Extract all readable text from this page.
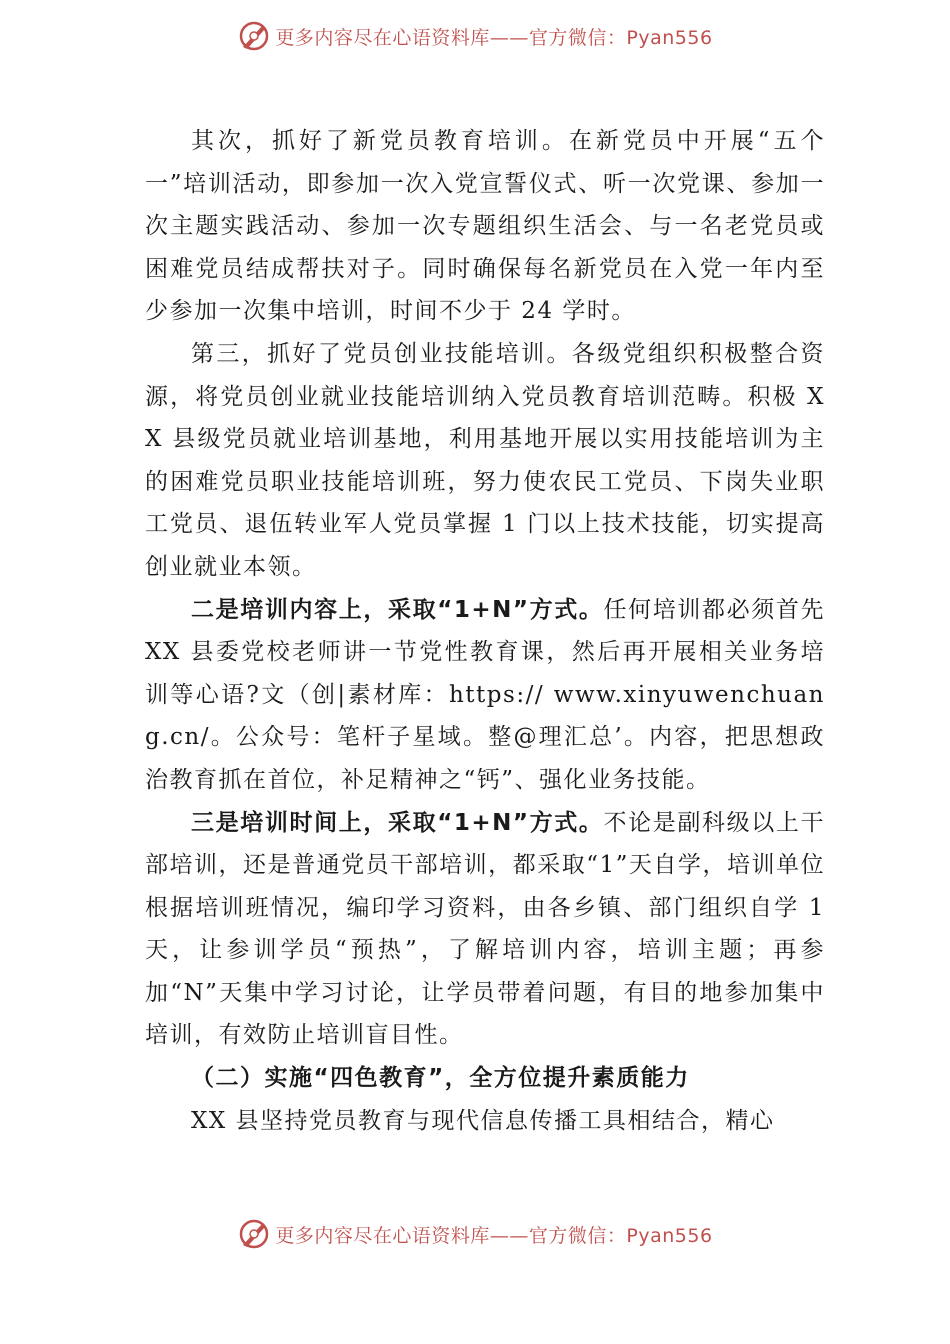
更多内容尽在心语资料库——官方微信：Pyan556

其次，抓好了新党员教育培训。在新党员中开展“五个一”培训活动，即参加一次入党宣誓仪式、听一次党课、参加一次主题实践活动、参加一次专题组织生活会、与一名老党员或困难党员结成帮扶对子。同时确保每名新党员在入党一年内至少参加一次集中培训，时间不少于 24 学时。

第三，抓好了党员创业技能培训。各级党组织积极整合资源，将党员创业就业技能培训纳入党员教育培训范畴。积极 XX 县级党员就业培训基地，利用基地开展以实用技能培训为主的困难党员职业技能培训班，努力使农民工党员、下岗失业职工党员、退伍转业军人党员掌握 1 门以上技术技能，切实提高创业就业本领。

二是培训内容上，采取“1+N”方式。任何培训都必须首先 XX 县委党校老师讲一节党性教育课，然后再开展相关业务培训等心语?文（创|素材库：https:// www.xinyuwenchuang.cn/。公众号：笔杆子星域。整@理汇总’。内容，把思想政治教育抓在首位，补足精神之“钙”、强化业务技能。

三是培训时间上，采取“1+N”方式。不论是副科级以上干部培训，还是普通党员干部培训，都采取“1”天自学，培训单位根据培训班情况，编印学习资料，由各乡镇、部门组织自学 1 天，让参训学员“预热”，了解培训内容，培训主题；再参加“N”天集中学习讨论，让学员带着问题，有目的地参加集中培训，有效防止培训盲目性。

（二）实施“四色教育”，全方位提升素质能力

XX 县坚持党员教育与现代信息传播工具相结合，精心

更多内容尽在心语资料库——官方微信：Pyan556
